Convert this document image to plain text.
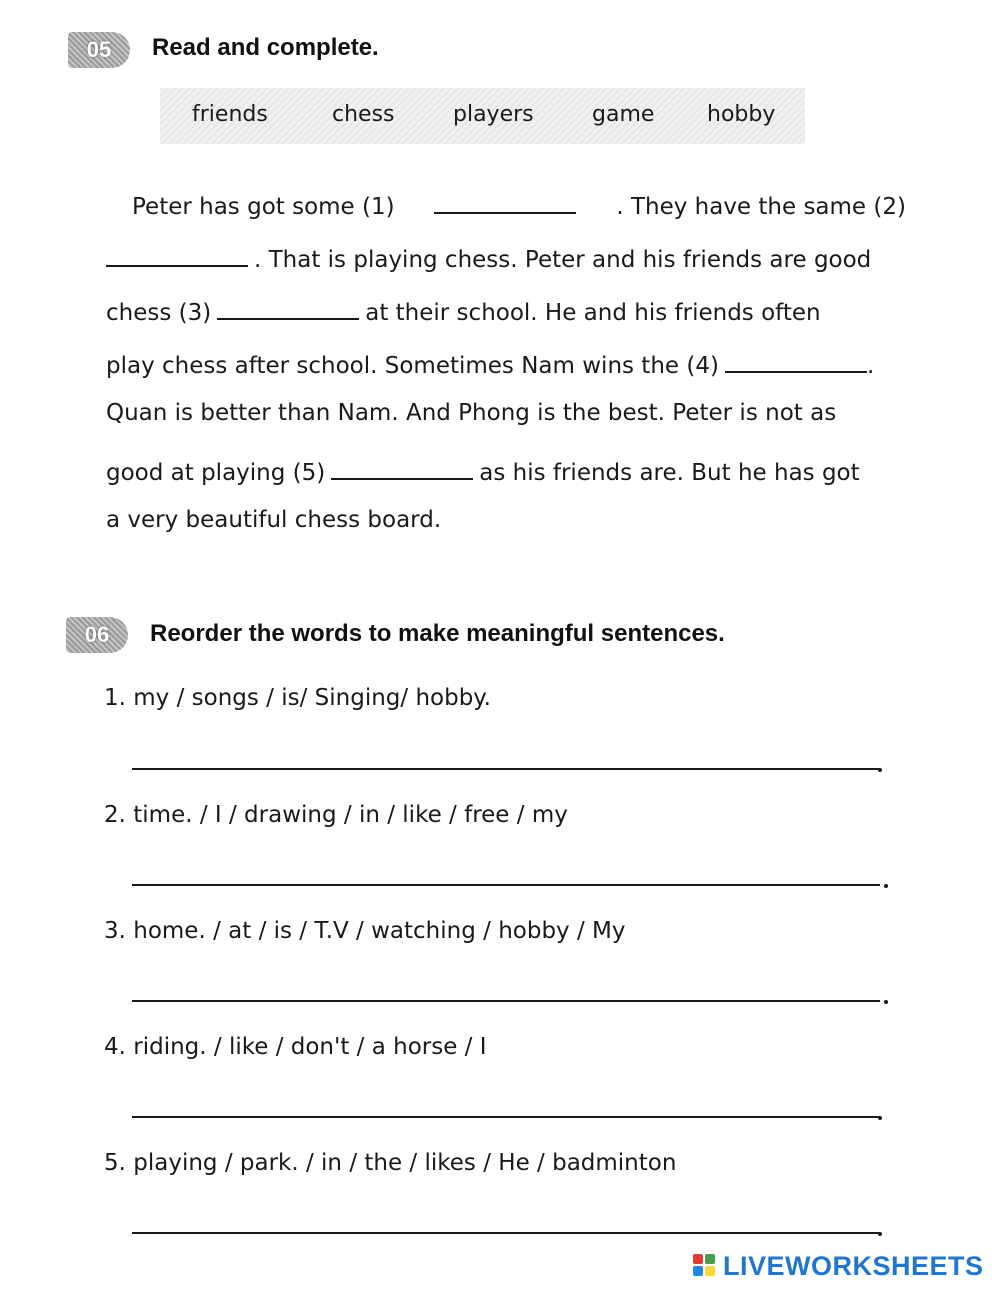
05	Read and complete.
friends	chess	players	game hobby
Peter has got some (1)	. They have the same (2)
. That is playing chess. Peter and his friends are good
chess (3)	at their school. He and his friends often
play chess after school. Sometimes Nam wins the (4)	.
Quan is better than Nam. And Phong is the best. Peter is not as
good at playing (5)	as his friends are. But he has got
a very beautiful chess board.
06	Reorder the words to make meaningful sentences.
1. my / songs / is/ Singing/ hobby.
2. time. / I / drawing / in / like / free / my
3. home. / at / is / T.V / watching / hobby / My
4. riding. / like / don't / a horse / I
5. playing / park. / in / the / likes / He / badminton
LIVEWORKSHEETS
